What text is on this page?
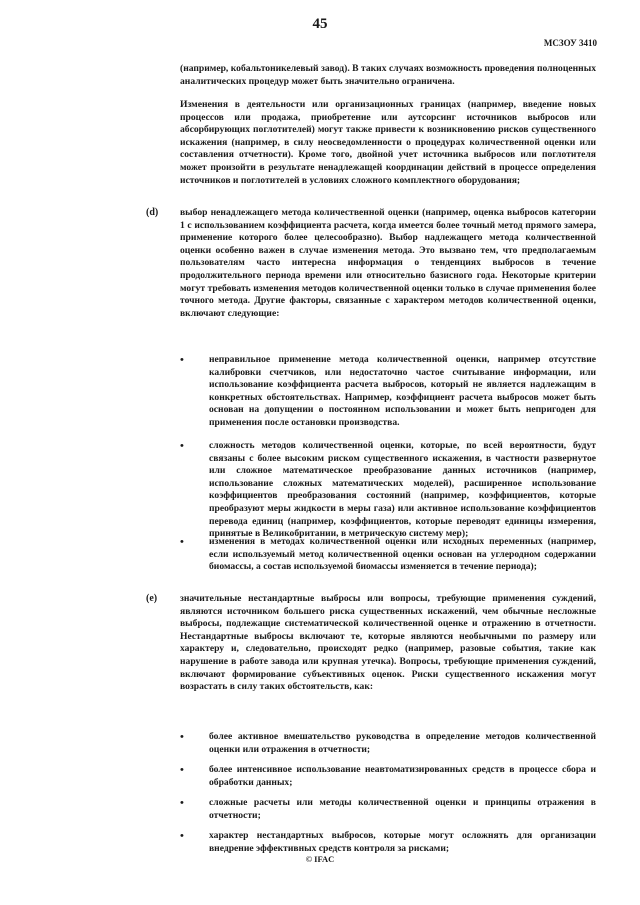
45
МСЗОУ 3410

(например, кобальтоникелевый завод). В таких случаях возможность проведения полноценных аналитических процедур может быть значительно ограничена.

Изменения в деятельности или организационных границах (например, введение новых процессов или продажа, приобретение или аутсорсинг источников выбросов или абсорбирующих поглотителей) могут также привести к возникновению рисков существенного искажения (например, в силу неосведомленности о процедурах количественной оценки или составления отчетности). Кроме того, двойной учет источника выбросов или поглотителя может произойти в результате ненадлежащей координации действий в процессе определения источников и поглотителей в условиях сложного комплектного оборудования;

(d) выбор ненадлежащего метода количественной оценки (например, оценка выбросов категории 1 с использованием коэффициента расчета, когда имеется более точный метод прямого замера, применение которого более целесообразно). Выбор надлежащего метода количественной оценки особенно важен в случае изменения метода. Это вызвано тем, что предполагаемым пользователям часто интересна информация о тенденциях выбросов в течение продолжительного периода времени или относительно базисного года. Некоторые критерии могут требовать изменения методов количественной оценки только в случае применения более точного метода. Другие факторы, связанные с характером методов количественной оценки, включают следующие:

•	неправильное применение метода количественной оценки, например отсутствие калибровки счетчиков, или недостаточно частое считывание информации, или использование коэффициента расчета выбросов, который не является надлежащим в конкретных обстоятельствах. Например, коэффициент расчета выбросов может быть основан на допущении о постоянном использовании и может быть непригоден для применения после остановки производства.

•	сложность методов количественной оценки, которые, по всей вероятности, будут связаны с более высоким риском существенного искажения, в частности развернутое или сложное математическое преобразование данных источников (например, использование сложных математических моделей), расширенное использование коэффициентов преобразования состояний (например, коэффициентов, которые преобразуют меры жидкости в меры газа) или активное использование коэффициентов перевода единиц (например, коэффициентов, которые переводят единицы измерения, принятые в Великобритании, в метрическую систему мер);

•	изменения в методах количественной оценки или исходных переменных (например, если используемый метод количественной оценки основан на углеродном содержании биомассы, а состав используемой биомассы изменяется в течение периода);

(e) значительные нестандартные выбросы или вопросы, требующие применения суждений, являются источником большего риска существенных искажений, чем обычные несложные выбросы, подлежащие систематической количественной оценке и отражению в отчетности. Нестандартные выбросы включают те, которые являются необычными по размеру или характеру и, следовательно, происходят редко (например, разовые события, такие как нарушение в работе завода или крупная утечка). Вопросы, требующие применения суждений, включают формирование субъективных оценок. Риски существенного искажения могут возрастать в силу таких обстоятельств, как:

•	более активное вмешательство руководства в определение методов количественной оценки или отражения в отчетности;

•	более интенсивное использование неавтоматизированных средств в процессе сбора и обработки данных;

•	сложные расчеты или методы количественной оценки и принципы отражения в отчетности;

•	характер нестандартных выбросов, которые могут осложнять для организации внедрение эффективных средств контроля за рисками;

© IFAC
